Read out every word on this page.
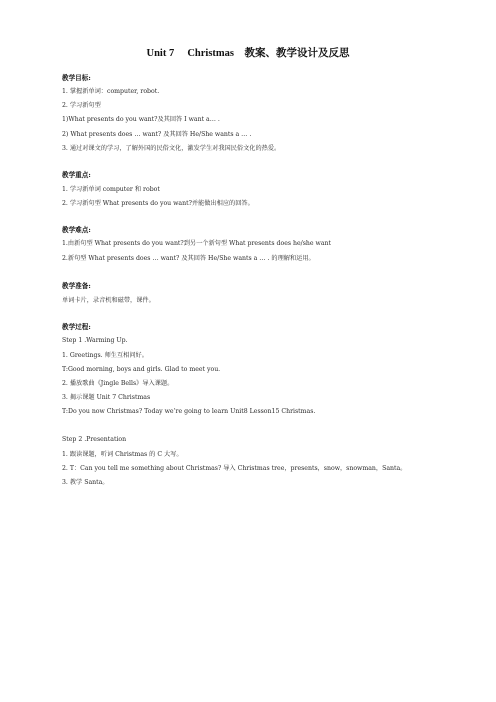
Unit 7　 Christmas　教案、教学设计及反思
教学目标:
1. 掌握新单词：computer, robot.
2. 学习新句型
1)What presents do you want?及其回答 I want a… .
2) What presents does … want? 及其回答 He/She wants a … .
3. 通过对课文的学习，了解外国的民俗文化，激发学生对我国民俗文化的热爱。
教学重点:
1. 学习新单词 computer 和 robot
2. 学习新句型 What presents do you want?并能做出相应的回答。
教学难点:
1.由新句型 What presents do you want?到另一个新句型 What presents does he/she want
2.新句型 What presents does … want? 及其回答 He/She wants a … . 的理解和运用。
教学准备:
单词卡片，录音机和磁带，课件。
教学过程:
Step 1 .Warming Up.
1. Greetings. 师生互相问好。
T:Good morning, boys and girls. Glad to meet you.
2. 播放歌曲《Jingle Bells》导入课题。
3. 揭示课题 Unit 7 Christmas
T:Do you now Christmas? Today we’re going to learn Unit8 Lesson15 Christmas.
Step 2 .Presentation
1. 跟读课题，听词 Christmas 的 C 大写。
2. T：Can you tell me something about Christmas? 导入 Christmas tree，presents，snow，snowman，Santa。
3. 教学 Santa。
